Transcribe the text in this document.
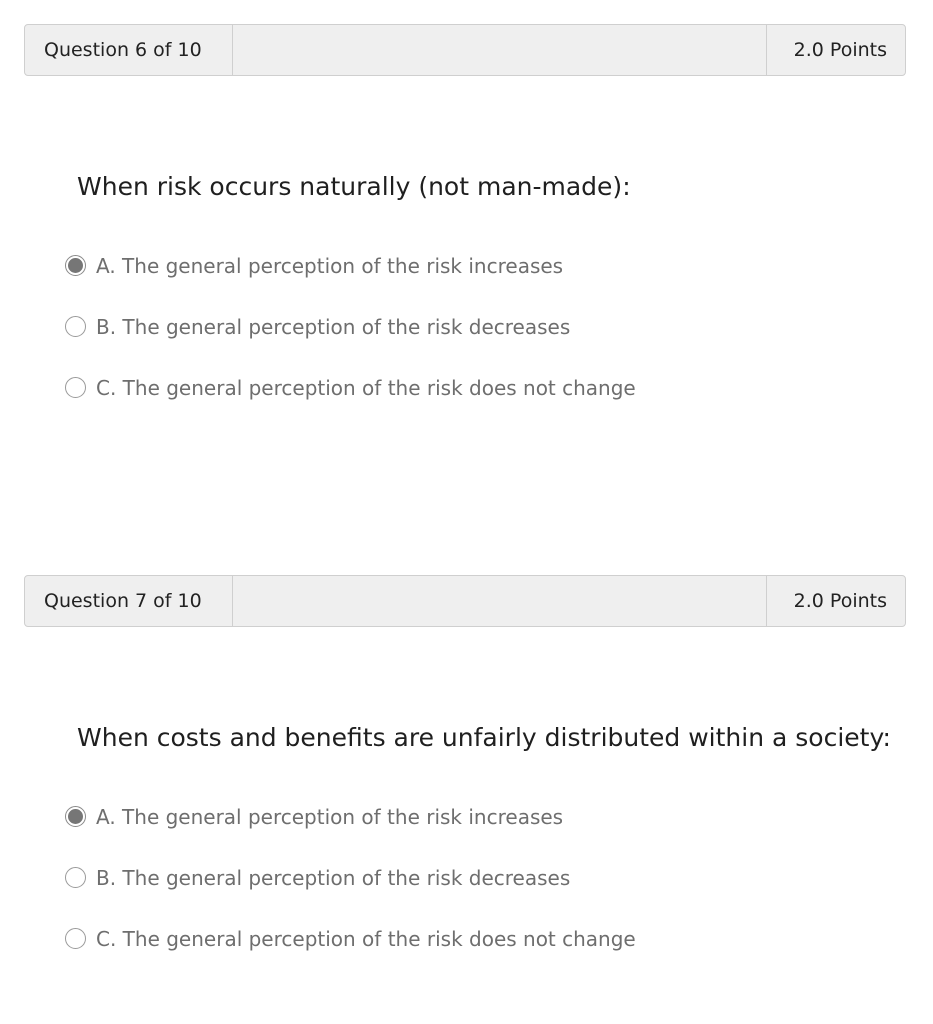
Question 6 of 10	2.0 Points
When risk occurs naturally (not man-made):
A. The general perception of the risk increases
B. The general perception of the risk decreases
C. The general perception of the risk does not change
Question 7 of 10	2.0 Points
When costs and benefits are unfairly distributed within a society:
A. The general perception of the risk increases
B. The general perception of the risk decreases
C. The general perception of the risk does not change
